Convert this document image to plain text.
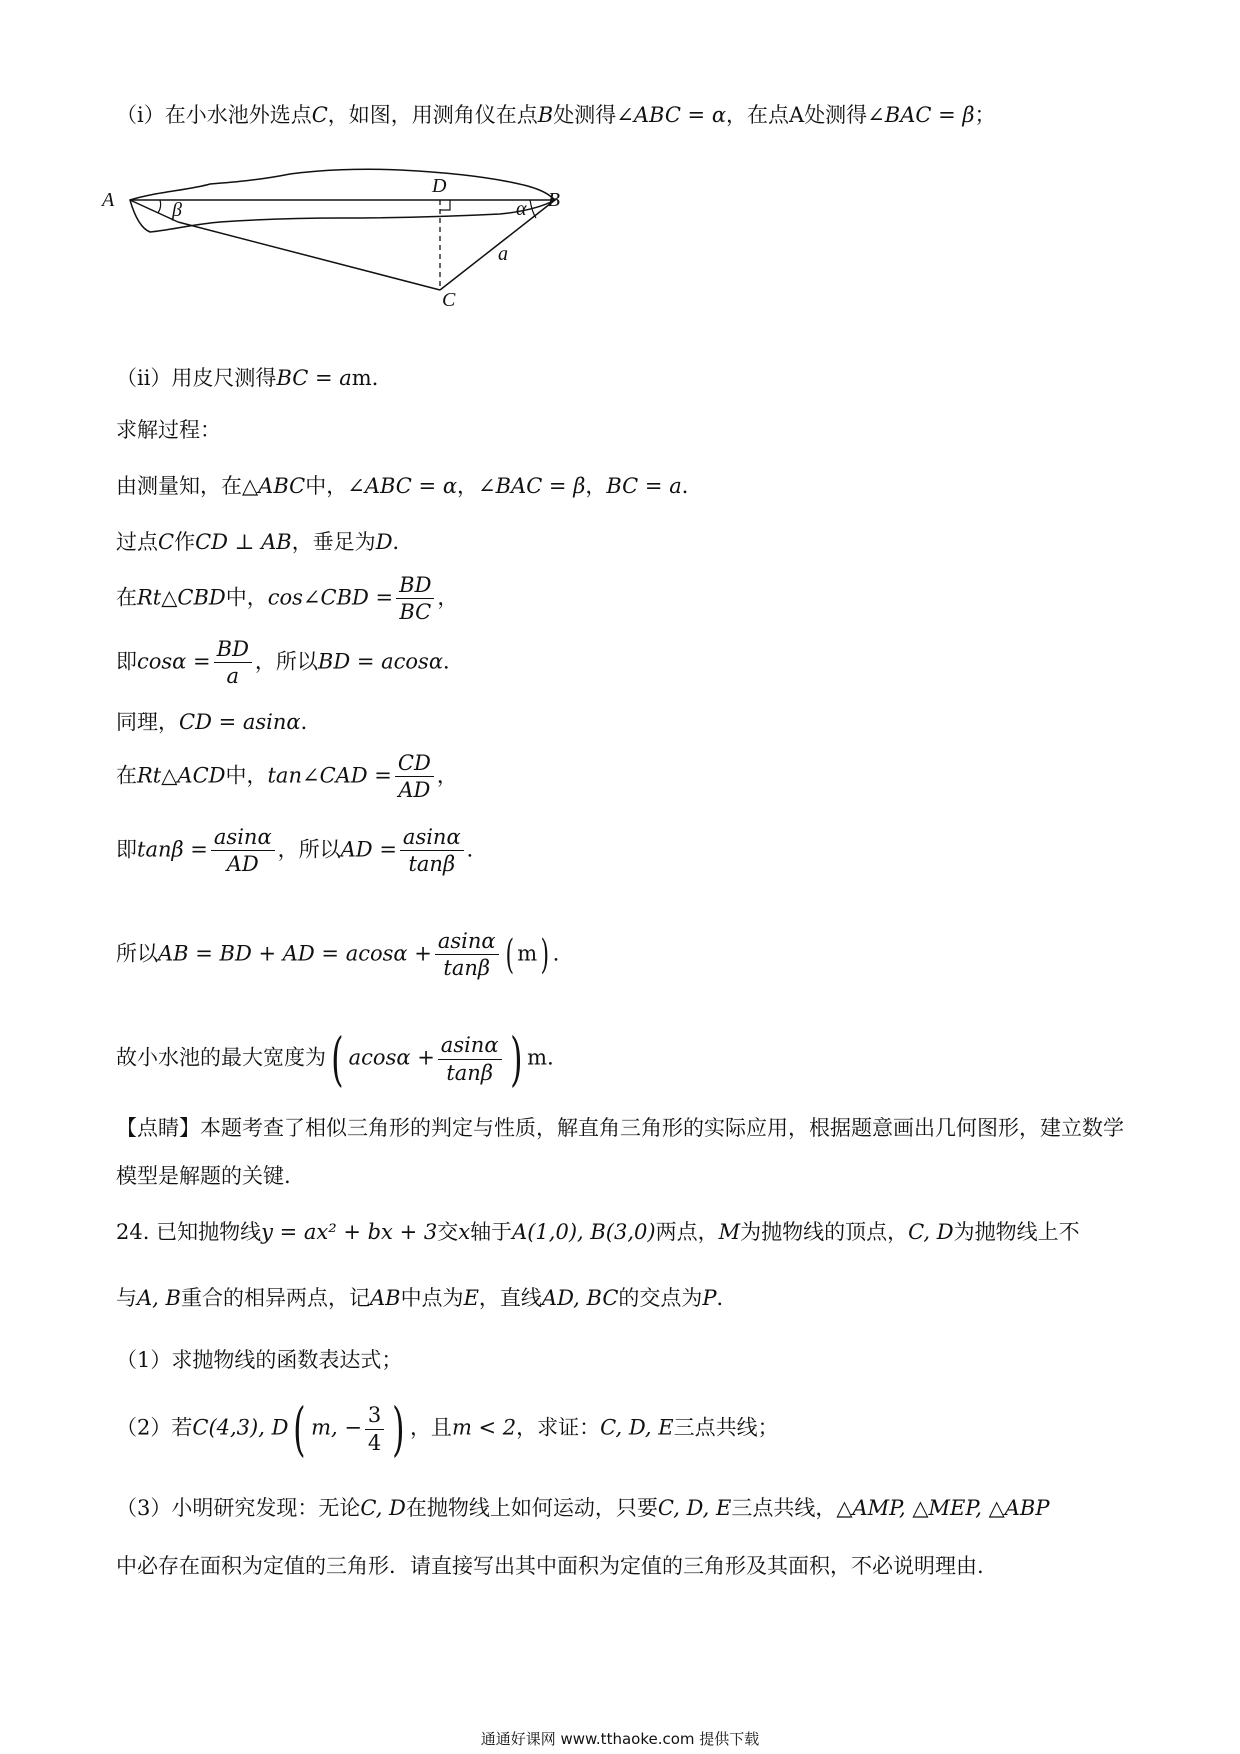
（ⅰ）在小水池外选点C，如图，用测角仪在点B处测得∠ABC = α，在点A处测得∠BAC = β；
A	B
C
D
α
β
a
（ⅱ）用皮尺测得BC = am．
求解过程：
由测量知，在△ABC中，∠ABC = α，∠BAC = β，BC = a．
过点C作CD ⊥ AB，垂足为D．
在Rt△CBD中，cos∠CBD = $\frac{BD}{BC}$ ，
即$\cos\alpha = \frac{BD}{a}$ ，所以BD = acosα．
同理，CD = asinα．
在Rt△ACD中，tan∠CAD = $\frac{CD}{AD}$ ，
即$\tan\beta = \frac{asin\alpha}{AD}$ ，所以AD = $\frac{asin\alpha}{\tan\beta}$ ．
所以AB = BD + AD = $acos\alpha + \frac{asin\alpha}{\tan\beta}$ ( m) ．
故小水池的最大宽度为( $acos\alpha + \frac{asin\alpha}{\tan\beta}$ ) m．
【点睛】本题考查了相似三角形的判定与性质，解直角三角形的实际应用，根据题意画出几何图形，建立数学模型是解题的关键.
24. 已知抛物线y = ax² + bx + 3交x轴于A(1,0), B(3,0)两点，M为抛物线的顶点，C, D为抛物线上不
与A, B重合的相异两点，记AB中点为E，直线AD, BC的交点为P．
（1）求抛物线的函数表达式；
（2）若C(4,3), D( m, − $\frac{3}{4}$ ) ，且m < 2，求证：C, D, E三点共线；
（3）小明研究发现：无论C, D在抛物线上如何运动，只要C, D, E三点共线，△AMP, △MEP, △ABP
中必存在面积为定值的三角形．请直接写出其中面积为定值的三角形及其面积，不必说明理由.
通通好课网 www.tthaoke.com 提供下载
